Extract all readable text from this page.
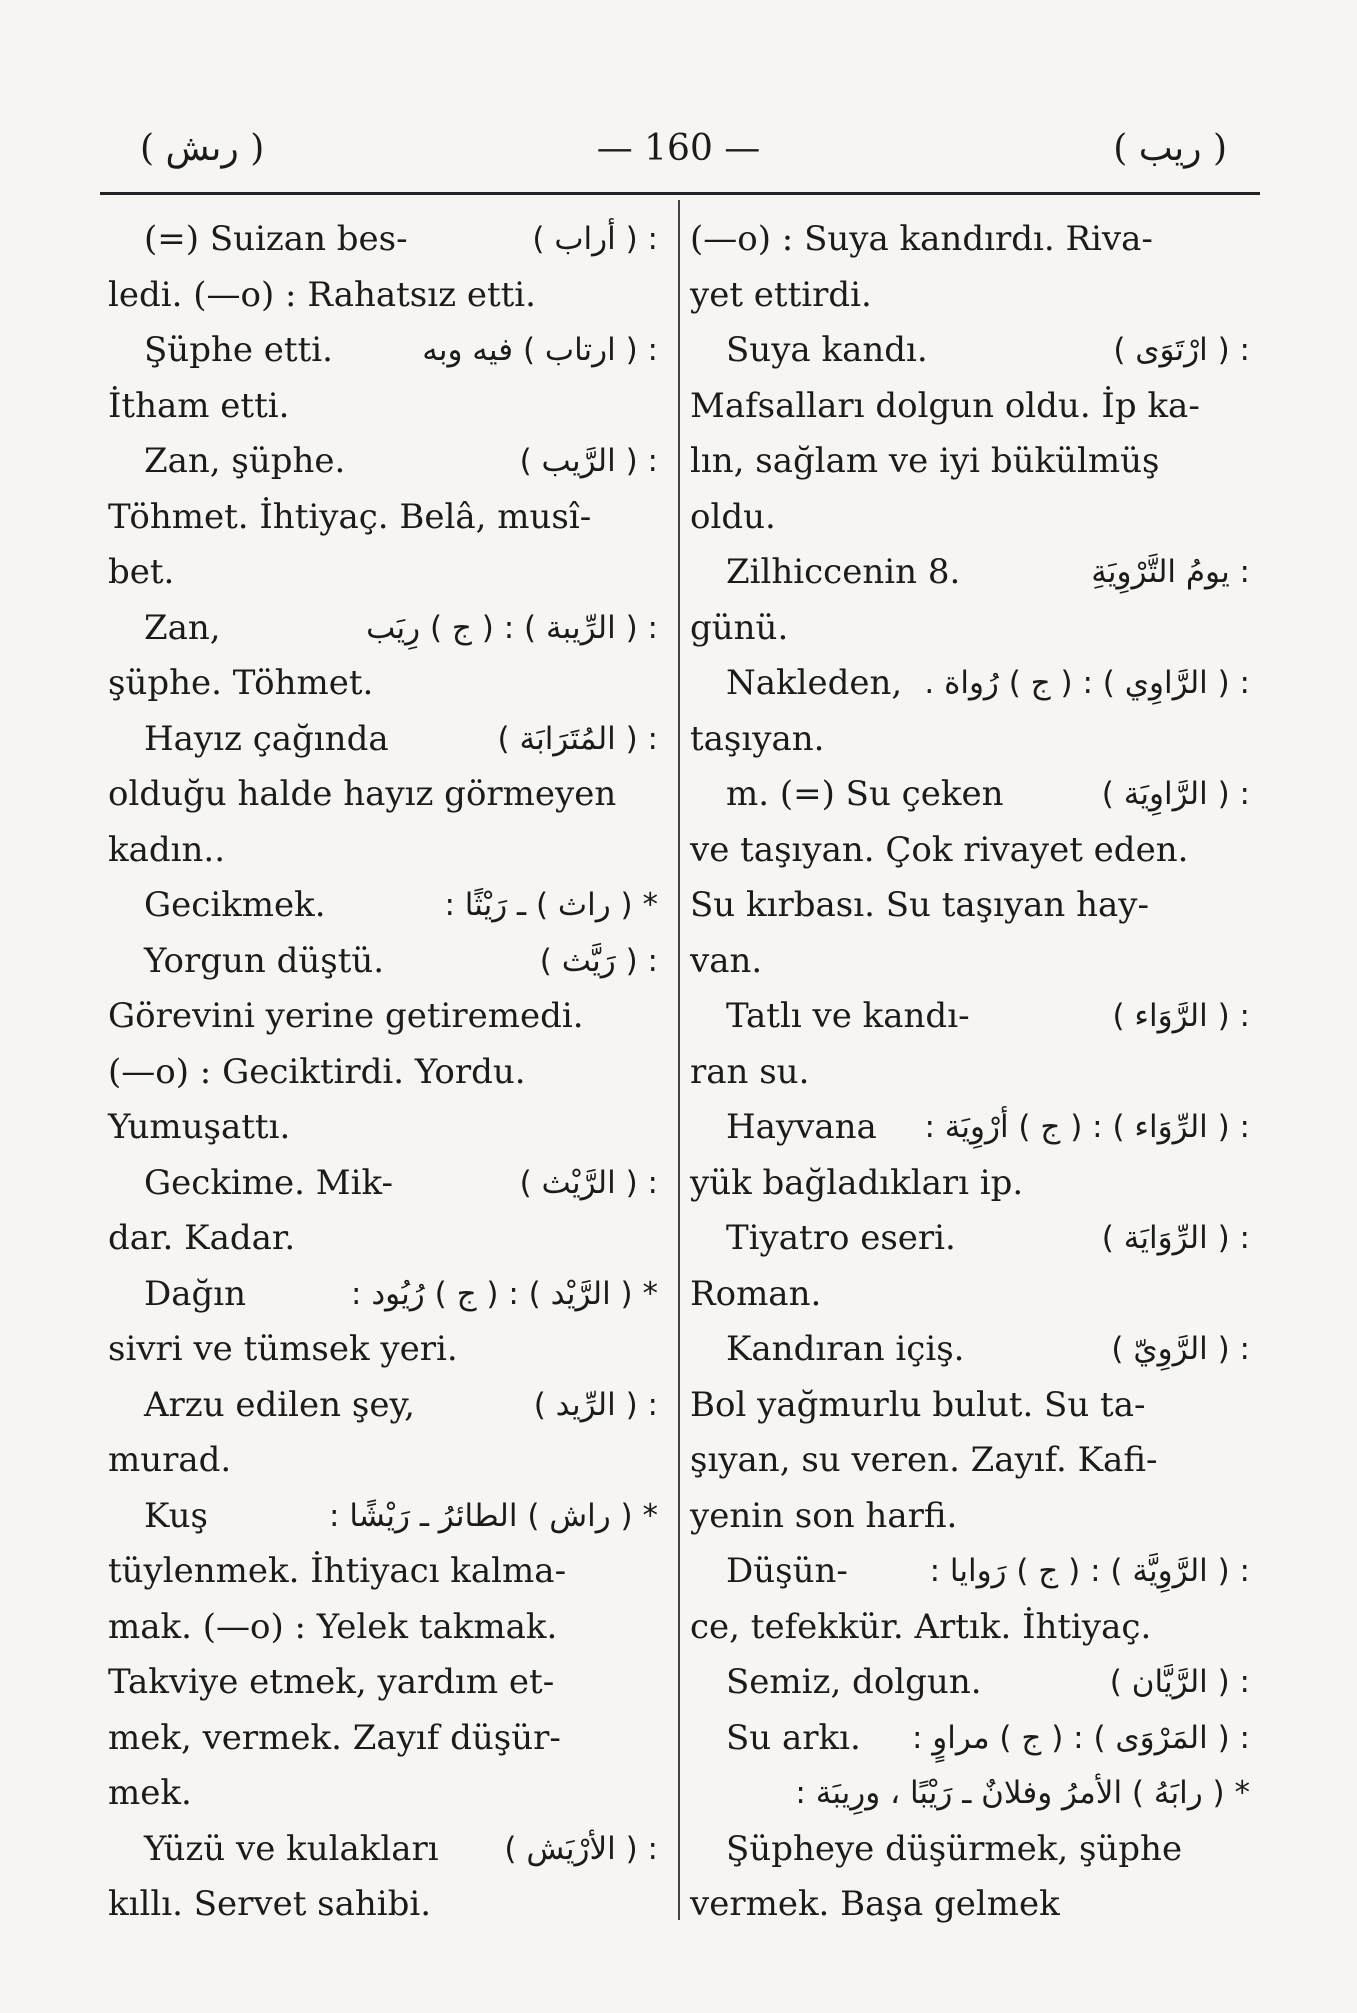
( رىش )	— 160 —	( ريب )
(=) Suizan bes-	: ( أراب )
ledi. (—o) : Rahatsız etti.
Şüphe etti.	: ( ارتاب ) فيه وبه
İtham etti.
Zan, şüphe.	: ( الرَّيب )
Töhmet. İhtiyaç. Belâ, musî-
bet.
Zan,	: ( الرِّيبة ) : ( ج ) رِيَب
şüphe. Töhmet.
Hayız çağında	: ( المُتَرَابَة )
olduğu halde hayız görmeyen
kadın..
Gecikmek.	* ( راث ) ـ رَيْثًا :
Yorgun düştü.	: ( رَيَّث )
Görevini yerine getiremedi.
(—o) : Geciktirdi. Yordu.
Yumuşattı.
Geckime. Mik-	: ( الرَّيْث )
dar. Kadar.
Dağın	* ( الرَّيْد ) : ( ج ) رُيُود :
sivri ve tümsek yeri.
Arzu edilen şey,	: ( الرِّيد )
murad.
Kuş	* ( راش ) الطائرُ ـ رَيْشًا :
tüylenmek. İhtiyacı kalma-
mak. (—o) : Yelek takmak.
Takviye etmek, yardım et-
mek, vermek. Zayıf düşür-
mek.
Yüzü ve kulakları : ( الأرْيَش )
kıllı. Servet sahibi.
(—o) : Suya kandırdı. Riva-
yet ettirdi.
Suya kandı.	: ( ارْتَوَى )
Mafsalları dolgun oldu. İp ka-
lın, sağlam ve iyi bükülmüş
oldu.
Zilhiccenin 8.	: يومُ التَّرْوِيَةِ
günü.
Nakleden, : ( الرَّاوِي ) : ( ج ) رُواة .
taşıyan.
m. (=) Su çeken	: ( الرَّاوِيَة )
ve taşıyan. Çok rivayet eden.
Su kırbası. Su taşıyan hay-
van.
Tatlı ve kandı-	: ( الرَّوَاء )
ran su.
Hayvana : ( الرِّوَاء ) : ( ج ) أرْوِيَة :
yük bağladıkları ip.
Tiyatro eseri.	: ( الرِّوَايَة )
Roman.
Kandıran içiş.	: ( الرَّوِيّ )
Bol yağmurlu bulut. Su ta-
şıyan, su veren. Zayıf. Kafi-
yenin son harfi.
Düşün-	: ( الرَّوِيَّة ) : ( ج ) رَوايا :
ce, tefekkür. Artık. İhtiyaç.
Semiz, dolgun.	: ( الرَّيَّان )
Su arkı. : ( المَرْوَى ) : ( ج ) مراوٍ :
* ( رابَهُ ) الأمرُ وفلانٌ ـ رَيْبًا ، ورِيبَة :
Şüpheye düşürmek, şüphe
vermek. Başa gelmek
